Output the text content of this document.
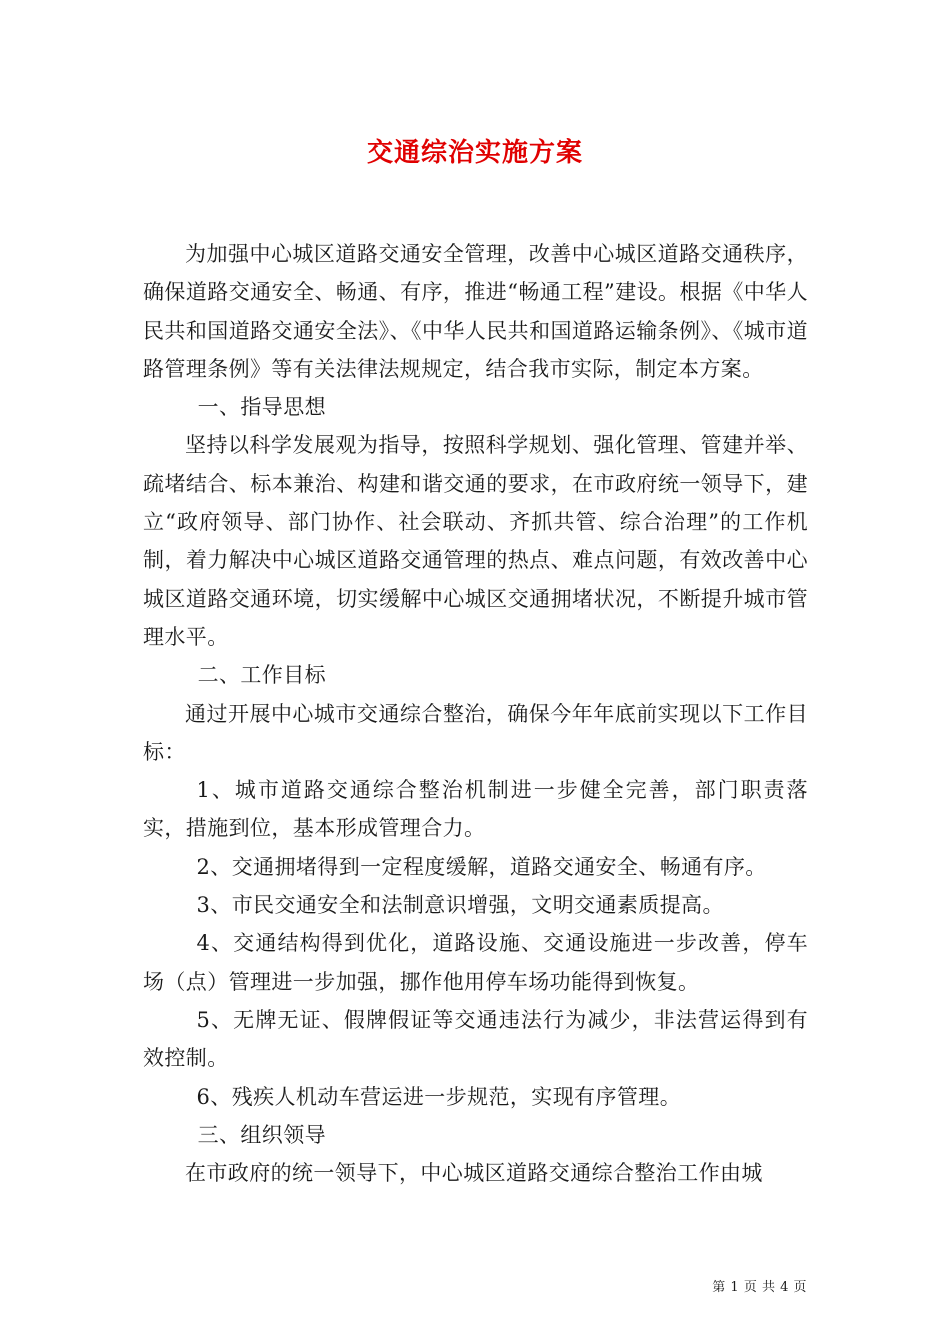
交通综治实施方案

为加强中心城区道路交通安全管理，改善中心城区道路交通秩序，确保道路交通安全、畅通、有序，推进“畅通工程”建设。根据《中华人民共和国道路交通安全法》、《中华人民共和国道路运输条例》、《城市道路管理条例》等有关法律法规规定，结合我市实际，制定本方案。

一、指导思想

坚持以科学发展观为指导，按照科学规划、强化管理、管建并举、疏堵结合、标本兼治、构建和谐交通的要求，在市政府统一领导下，建立“政府领导、部门协作、社会联动、齐抓共管、综合治理”的工作机制，着力解决中心城区道路交通管理的热点、难点问题，有效改善中心城区道路交通环境，切实缓解中心城区交通拥堵状况，不断提升城市管理水平。

二、工作目标

通过开展中心城市交通综合整治，确保今年年底前实现以下工作目标：

1、城市道路交通综合整治机制进一步健全完善，部门职责落实，措施到位，基本形成管理合力。

2、交通拥堵得到一定程度缓解，道路交通安全、畅通有序。

3、市民交通安全和法制意识增强，文明交通素质提高。

4、交通结构得到优化，道路设施、交通设施进一步改善，停车场（点）管理进一步加强，挪作他用停车场功能得到恢复。

5、无牌无证、假牌假证等交通违法行为减少，非法营运得到有效控制。

6、残疾人机动车营运进一步规范，实现有序管理。

三、组织领导

在市政府的统一领导下，中心城区道路交通综合整治工作由城

第 1 页 共 4 页
